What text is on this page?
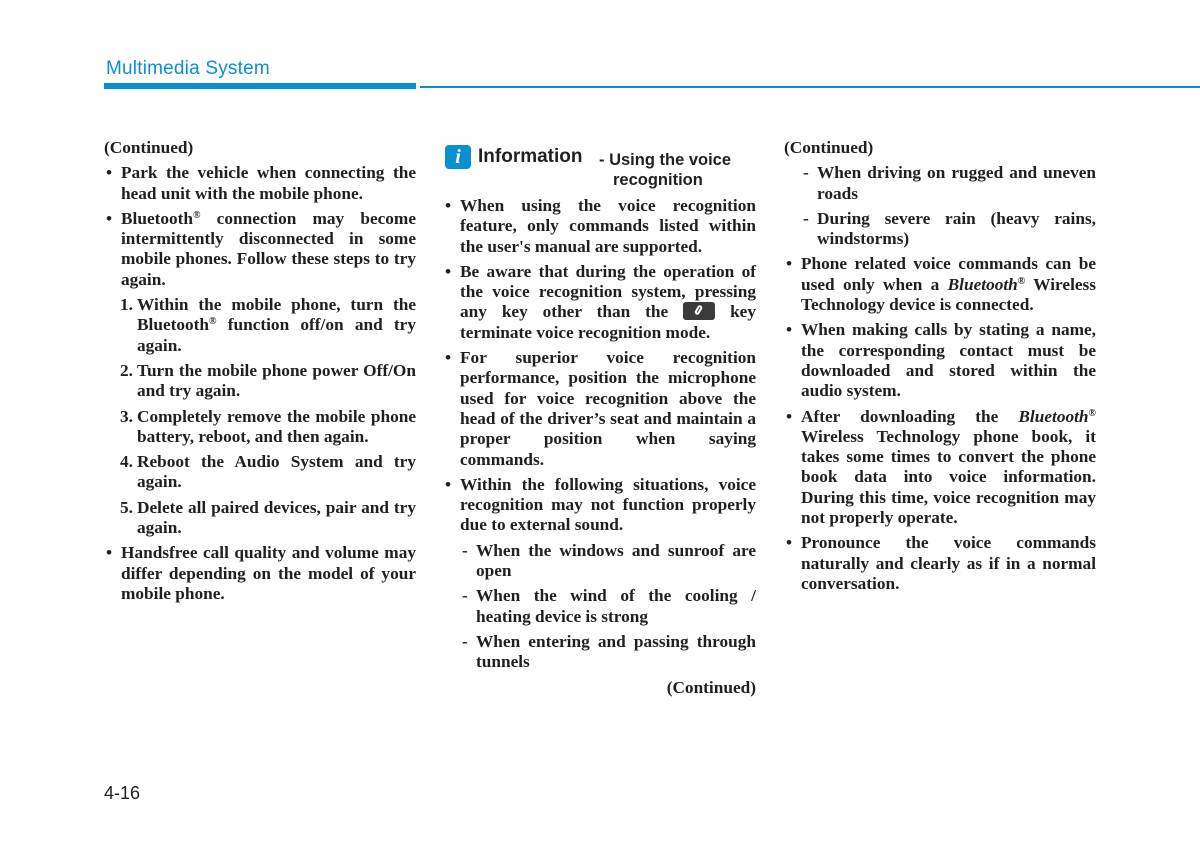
Multimedia System

(Continued)

• Park the vehicle when connecting the head unit with the mobile phone.

• Bluetooth® connection may become intermittently disconnected in some mobile phones. Follow these steps to try again.

1. Within the mobile phone, turn the Bluetooth® function off/on and try again.

2. Turn the mobile phone power Off/On and try again.

3. Completely remove the mobile phone battery, reboot, and then again.

4. Reboot the Audio System and try again.

5. Delete all paired devices, pair and try again.

• Handsfree call quality and volume may differ depending on the model of your mobile phone.

i Information - Using the voice
recognition

• When using the voice recognition feature, only commands listed within the user's manual are supported.

• Be aware that during the operation of the voice recognition system, pressing any key other than the  key terminate voice recognition mode.

• For superior voice recognition performance, position the microphone used for voice recognition above the head of the driver’s seat and maintain a proper position when saying commands.

• Within the following situations, voice recognition may not function properly due to external sound.

- When the windows and sunroof are open

- When the wind of the cooling / heating device is strong

- When entering and passing through tunnels

(Continued)

(Continued)

- When driving on rugged and uneven roads

- During severe rain (heavy rains, windstorms)

• Phone related voice commands can be used only when a Bluetooth® Wireless Technology device is connected.

• When making calls by stating a name, the corresponding contact must be downloaded and stored within the audio system.

• After downloading the Bluetooth® Wireless Technology phone book, it takes some times to convert the phone book data into voice information. During this time, voice recognition may not properly operate.

• Pronounce the voice commands naturally and clearly as if in a normal conversation.

4-16
